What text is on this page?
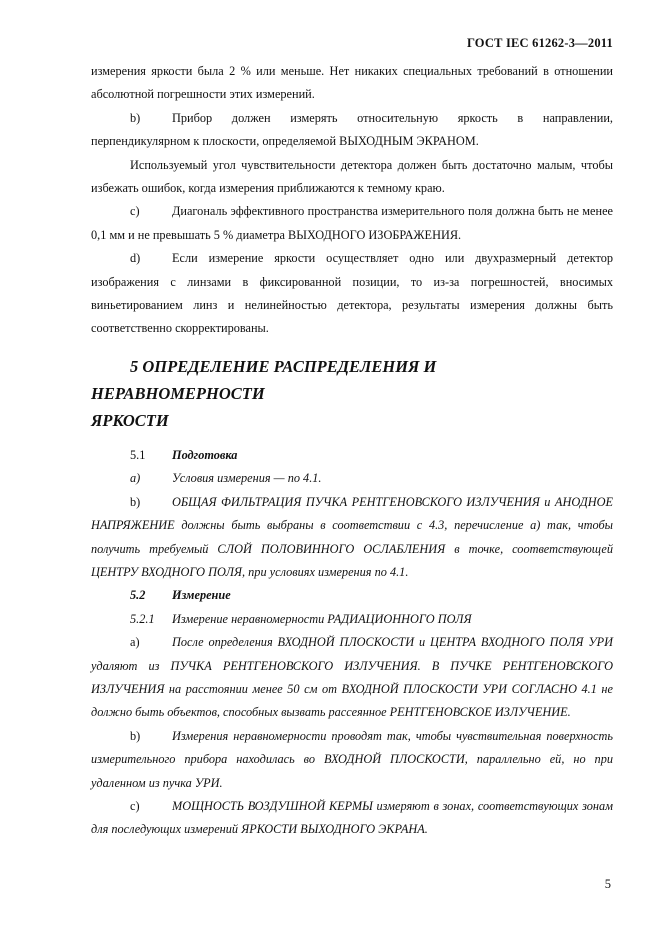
ГОСТ IEC 61262-3—2011

измерения яркости была 2 % или меньше. Нет никаких специальных требований в отношении абсолютной погрешности этих измерений.

b)	Прибор должен измерять относительную яркость в направлении, перпендикулярном к плоскости, определяемой ВЫХОДНЫМ ЭКРАНОМ.

Используемый угол чувствительности детектора должен быть достаточно малым, чтобы избежать ошибок, когда измерения приближаются к темному краю.

c)	Диагональ эффективного пространства измерительного поля должна быть не менее 0,1 мм и не превышать 5 % диаметра ВЫХОДНОГО ИЗОБРАЖЕНИЯ.

d)	Если измерение яркости осуществляет одно или двухразмерный детектор изображения с линзами в фиксированной позиции, то из-за погрешностей, вносимых виньетированием линз и нелинейностью детектора, результаты измерения должны быть соответственно скорректированы.

5 ОПРЕДЕЛЕНИЕ РАСПРЕДЕЛЕНИЯ И НЕРАВНОМЕРНОСТИ
ЯРКОСТИ

5.1 Подготовка

a)	Условия измерения — по 4.1.

b)	ОБЩАЯ ФИЛЬТРАЦИЯ ПУЧКА РЕНТГЕНОВСКОГО ИЗЛУЧЕНИЯ и АНОДНОЕ НАПРЯЖЕНИЕ должны быть выбраны в соответствии с 4.3, перечисление а) так, чтобы получить требуемый СЛОЙ ПОЛОВИННОГО ОСЛАБЛЕНИЯ в точке, соответствующей ЦЕНТРУ ВХОДНОГО ПОЛЯ, при условиях измерения по 4.1.

5.2 Измерение

5.2.1 Измерение неравномерности РАДИАЦИОННОГО ПОЛЯ

а)	После определения ВХОДНОЙ ПЛОСКОСТИ и ЦЕНТРА ВХОДНОГО ПОЛЯ УРИ удаляют из ПУЧКА РЕНТГЕНОВСКОГО ИЗЛУЧЕНИЯ. В ПУЧКЕ РЕНТГЕНОВСКОГО ИЗЛУЧЕНИЯ на расстоянии менее 50 см от ВХОДНОЙ ПЛОСКОСТИ УРИ СОГЛАСНО 4.1 не должно быть объектов, способных вызвать рассеянное РЕНТГЕНОВСКОЕ ИЗЛУЧЕНИЕ.

b)	Измерения неравномерности проводят так, чтобы чувствительная поверхность измерительного прибора находилась во ВХОДНОЙ ПЛОСКОСТИ, параллельно ей, но при удаленном из пучка УРИ.

c)	МОЩНОСТЬ ВОЗДУШНОЙ КЕРМЫ измеряют в зонах, соответствующих зонам для последующих измерений ЯРКОСТИ ВЫХОДНОГО ЭКРАНА.

5
